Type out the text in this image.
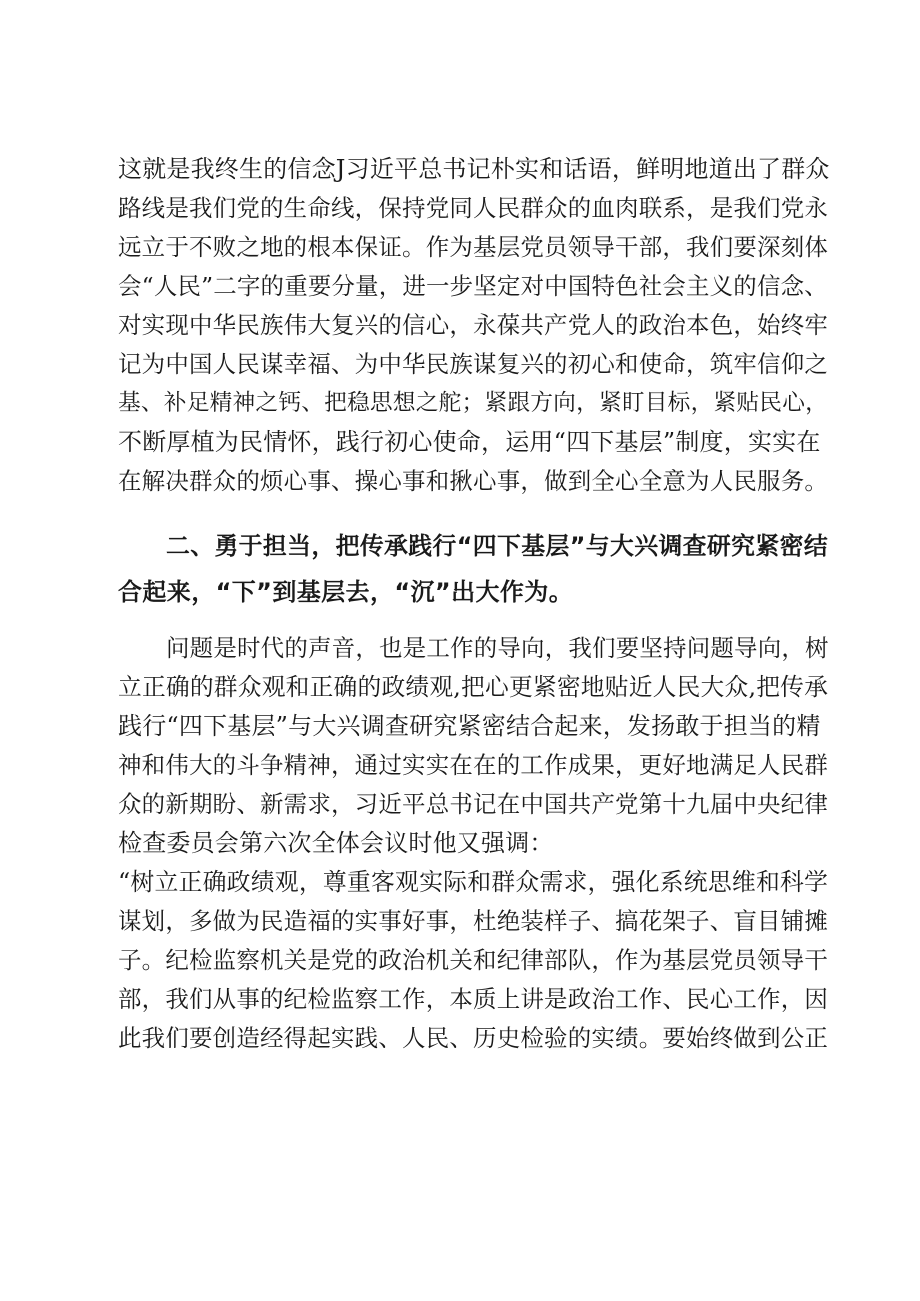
这就是我终生的信念J习近平总书记朴实和话语，鲜明地道出了群众
路线是我们党的生命线，保持党同人民群众的血肉联系，是我们党永
远立于不败之地的根本保证。作为基层党员领导干部，我们要深刻体
会“人民”二字的重要分量，进一步坚定对中国特色社会主义的信念、
对实现中华民族伟大复兴的信心，永葆共产党人的政治本色，始终牢
记为中国人民谋幸福、为中华民族谋复兴的初心和使命，筑牢信仰之
基、补足精神之钙、把稳思想之舵；紧跟方向，紧盯目标，紧贴民心，
不断厚植为民情怀，践行初心使命，运用“四下基层”制度，实实在
在解决群众的烦心事、操心事和揪心事，做到全心全意为人民服务。

二、勇于担当，把传承践行“四下基层”与大兴调查研究紧密结
合起来，“下”到基层去，“沉”出大作为。

问题是时代的声音，也是工作的导向，我们要坚持问题导向，树
立正确的群众观和正确的政绩观,把心更紧密地贴近人民大众,把传承
践行“四下基层”与大兴调查研究紧密结合起来，发扬敢于担当的精
神和伟大的斗争精神，通过实实在在的工作成果，更好地满足人民群
众的新期盼、新需求，习近平总书记在中国共产党第十九届中央纪律
检查委员会第六次全体会议时他又强调：

“树立正确政绩观，尊重客观实际和群众需求，强化系统思维和科学
谋划，多做为民造福的实事好事，杜绝装样子、搞花架子、盲目铺摊
子。纪检监察机关是党的政治机关和纪律部队，作为基层党员领导干
部，我们从事的纪检监察工作，本质上讲是政治工作、民心工作，因
此我们要创造经得起实践、人民、历史检验的实绩。要始终做到公正
